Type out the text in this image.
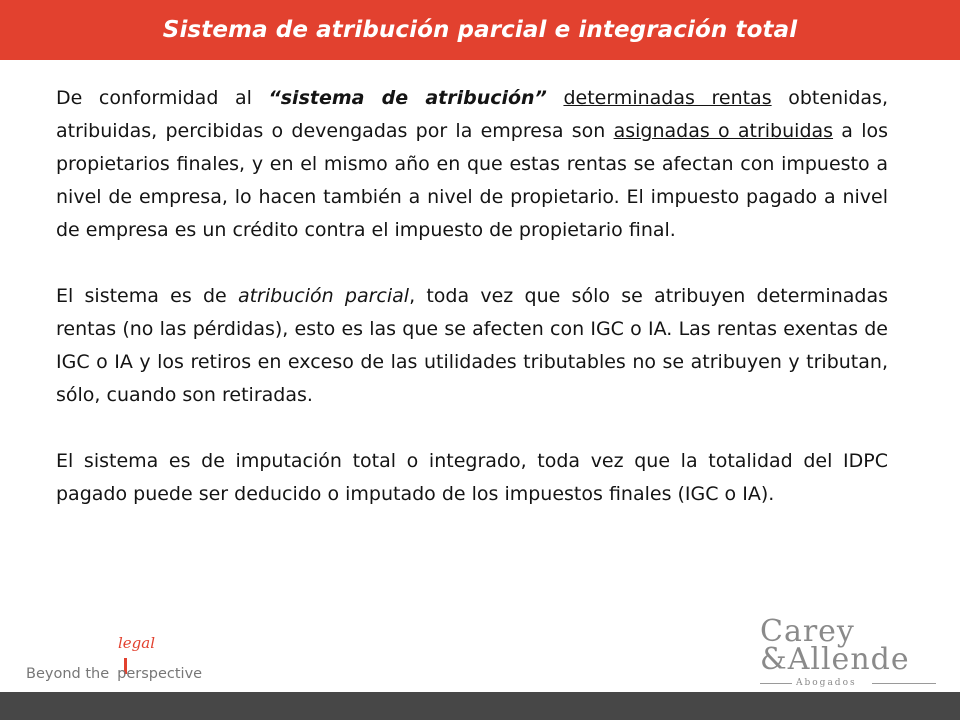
Sistema de atribución parcial e integración total

De conformidad al “sistema de atribución” determinadas rentas obtenidas, atribuidas, percibidas o devengadas por la empresa son asignadas o atribuidas a los propietarios finales, y en el mismo año en que estas rentas se afectan con impuesto a nivel de empresa, lo hacen también a nivel de propietario. El impuesto pagado a nivel de empresa es un crédito contra el impuesto de propietario final.

El sistema es de atribución parcial, toda vez que sólo se atribuyen determinadas rentas (no las pérdidas), esto es las que se afecten con IGC o IA. Las rentas exentas de IGC o IA y los retiros en exceso de las utilidades tributables no se atribuyen y tributan, sólo, cuando son retiradas.

El sistema es de imputación total o integrado, toda vez que la totalidad del IDPC pagado puede ser deducido o imputado de los impuestos finales (IGC o IA).

legal
Beyond the perspective
Carey
&Allende
Abogados
